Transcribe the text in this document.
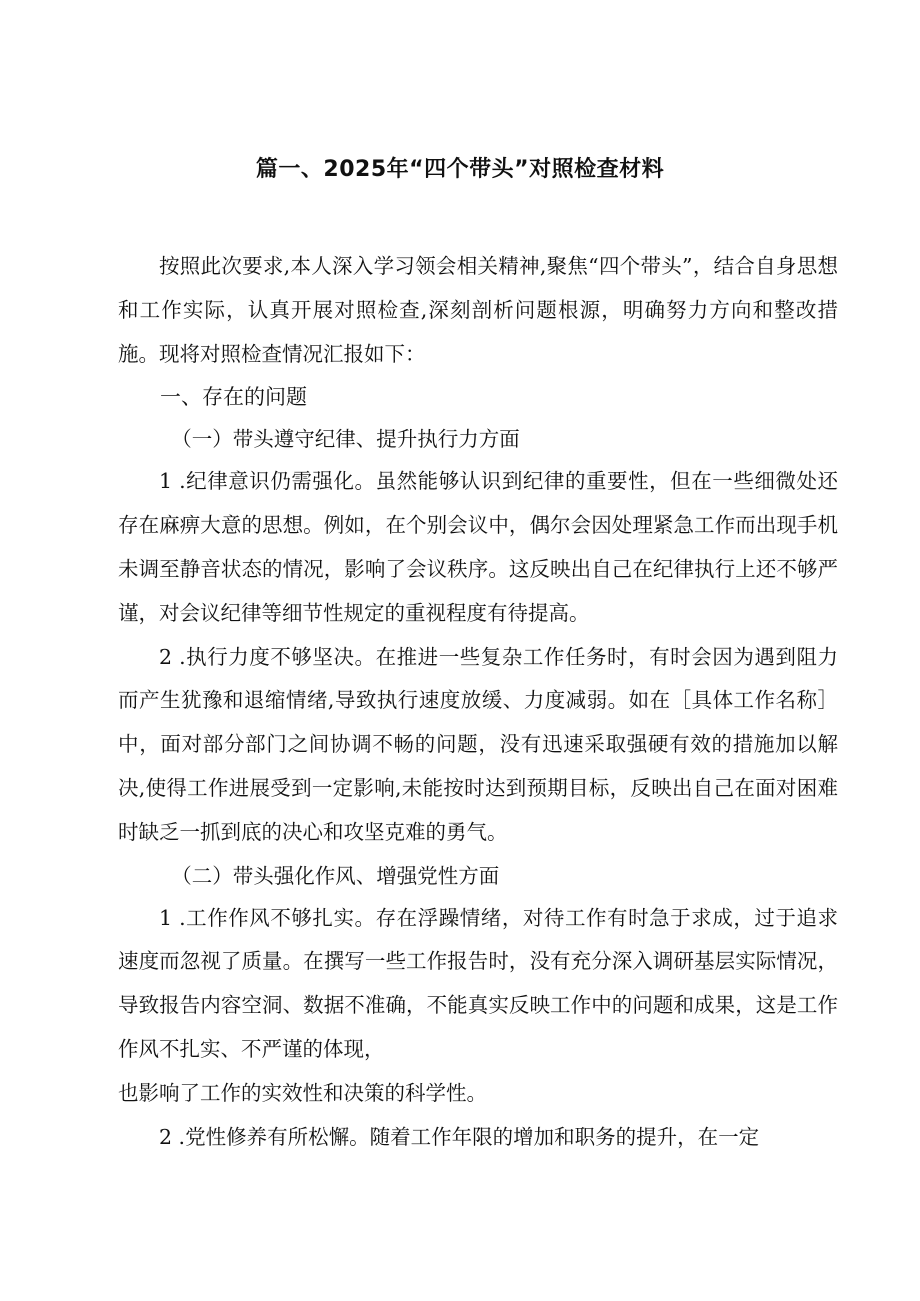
篇一、2025年“四个带头”对照检查材料

按照此次要求,本人深入学习领会相关精神,聚焦“四个带头”，结合自身思想和工作实际，认真开展对照检查,深刻剖析问题根源，明确努力方向和整改措施。现将对照检查情况汇报如下：

一、存在的问题

（一）带头遵守纪律、提升执行力方面

1 .纪律意识仍需强化。虽然能够认识到纪律的重要性，但在一些细微处还存在麻痹大意的思想。例如，在个别会议中，偶尔会因处理紧急工作而出现手机未调至静音状态的情况，影响了会议秩序。这反映出自己在纪律执行上还不够严谨，对会议纪律等细节性规定的重视程度有待提高。

2 .执行力度不够坚决。在推进一些复杂工作任务时，有时会因为遇到阻力而产生犹豫和退缩情绪,导致执行速度放缓、力度减弱。如在［具体工作名称］中，面对部分部门之间协调不畅的问题，没有迅速采取强硬有效的措施加以解决,使得工作进展受到一定影响,未能按时达到预期目标，反映出自己在面对困难时缺乏一抓到底的决心和攻坚克难的勇气。

（二）带头强化作风、增强党性方面

1 .工作作风不够扎实。存在浮躁情绪，对待工作有时急于求成，过于追求速度而忽视了质量。在撰写一些工作报告时，没有充分深入调研基层实际情况，导致报告内容空洞、数据不准确，不能真实反映工作中的问题和成果，这是工作作风不扎实、不严谨的体现，

也影响了工作的实效性和决策的科学性。

2 .党性修养有所松懈。随着工作年限的增加和职务的提升，在一定
